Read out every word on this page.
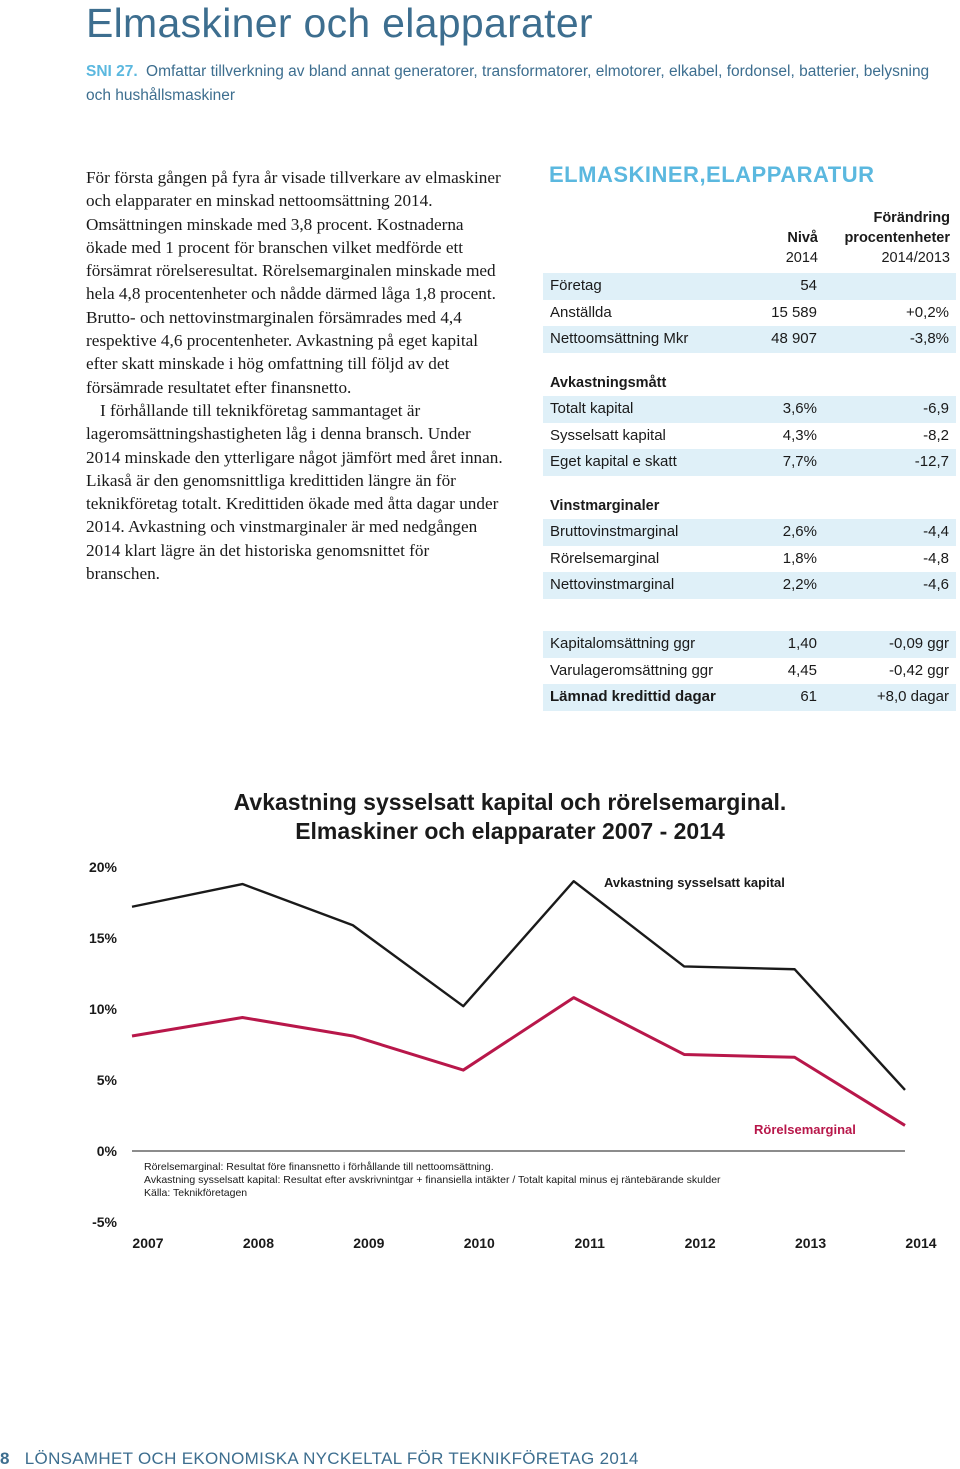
Elmaskiner och elapparater
SNI 27. Omfattar tillverkning av bland annat generatorer, transformatorer, elmotorer, elkabel, fordonsel, batterier, belysning och hushållsmaskiner

För första gången på fyra år visade tillverkare av elmaskiner och elapparater en minskad nettoomsättning 2014. Omsättningen minskade med 3,8 procent. Kostnaderna ökade med 1 procent för branschen vilket medförde ett försämrat rörelseresultat. Rörelsemarginalen minskade med hela 4,8 procentenheter och nådde därmed låga 1,8 procent. Brutto- och nettovinstmarginalen försämrades med 4,4 respektive 4,6 procentenheter. Avkastning på eget kapital efter skatt minskade i hög omfattning till följd av det försämrade resultatet efter finansnetto.

I förhållande till teknikföretag sammantaget är lageromsättningshastigheten låg i denna bransch. Under 2014 minskade den ytterligare något jämfört med året innan. Likaså är den genomsnittliga kredittiden längre än för teknikföretag totalt. Kredittiden ökade med åtta dagar under 2014. Avkastning och vinstmarginaler är med nedgången 2014 klart lägre än det historiska genomsnittet för branschen.

ELMASKINER,ELAPPARATUR
Nivå
2014
Förändring
procentenheter
2014/2013
Företag	54
Anställda	15 589	+0,2%
Nettoomsättning Mkr	48 907	-3,8%
Avkastningsmått
Totalt kapital	3,6%	-6,9
Sysselsatt kapital	4,3%	-8,2
Eget kapital e skatt	7,7%	-12,7
Vinstmarginaler
Bruttovinstmarginal	2,6%	-4,4
Rörelsemarginal	1,8%	-4,8
Nettovinstmarginal	2,2%	-4,6
Kapitalomsättning ggr	1,40	-0,09 ggr
Varulageromsättning ggr	4,45	-0,42 ggr
Lämnad kredittid dagar	61	+8,0 dagar
Avkastning sysselsatt kapital och rörelsemarginal.
Elmaskiner och elapparater 2007 - 2014
20%
15%
10%
5%
0%
-5%
2007	2008	2009	2010	2011	2012	2013	2014
Avkastning sysselsatt kapital
Rörelsemarginal
Rörelsemarginal: Resultat före finansnetto i förhållande till nettoomsättning.
Avkastning sysselsatt kapital: Resultat efter avskrivnintgar + finansiella intäkter / Totalt kapital minus ej räntebärande skulder
Källa: Teknikföretagen
8 LÖNSAMHET OCH EKONOMISKA NYCKELTAL FÖR TEKNIKFÖRETAG 2014
